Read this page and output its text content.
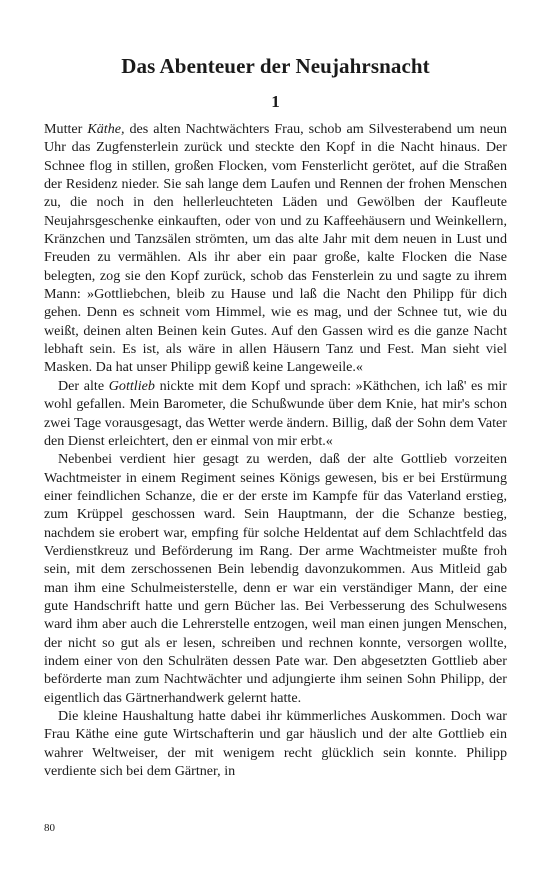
Das Abenteuer der Neujahrsnacht
1

Mutter Käthe, des alten Nachtwächters Frau, schob am Silvesterabend um neun Uhr das Zugfensterlein zurück und steckte den Kopf in die Nacht hinaus. Der Schnee flog in stillen, großen Flocken, vom Fensterlicht gerötet, auf die Straßen der Residenz nieder. Sie sah lange dem Laufen und Rennen der frohen Menschen zu, die noch in den hellerleuchteten Läden und Gewölben der Kaufleute Neujahrsgeschenke einkauften, oder von und zu Kaffeehäusern und Weinkellern, Kränzchen und Tanzsälen strömten, um das alte Jahr mit dem neuen in Lust und Freuden zu vermählen. Als ihr aber ein paar große, kalte Flocken die Nase belegten, zog sie den Kopf zurück, schob das Fensterlein zu und sagte zu ihrem Mann: »Gottliebchen, bleib zu Hause und laß die Nacht den Philipp für dich gehen. Denn es schneit vom Himmel, wie es mag, und der Schnee tut, wie du weißt, deinen alten Beinen kein Gutes. Auf den Gassen wird es die ganze Nacht lebhaft sein. Es ist, als wäre in allen Häusern Tanz und Fest. Man sieht viel Masken. Da hat unser Philipp gewiß keine Langeweile.«

Der alte Gottlieb nickte mit dem Kopf und sprach: »Käthchen, ich laß' es mir wohl gefallen. Mein Barometer, die Schußwunde über dem Knie, hat mir's schon zwei Tage vorausgesagt, das Wetter werde ändern. Billig, daß der Sohn dem Vater den Dienst erleichtert, den er einmal von mir erbt.«

Nebenbei verdient hier gesagt zu werden, daß der alte Gottlieb vorzeiten Wachtmeister in einem Regiment seines Königs gewesen, bis er bei Erstürmung einer feindlichen Schanze, die er der erste im Kampfe für das Vaterland erstieg, zum Krüppel geschossen ward. Sein Hauptmann, der die Schanze bestieg, nachdem sie erobert war, empfing für solche Heldentat auf dem Schlachtfeld das Verdienstkreuz und Beförderung im Rang. Der arme Wachtmeister mußte froh sein, mit dem zerschossenen Bein lebendig davonzukommen. Aus Mitleid gab man ihm eine Schulmeisterstelle, denn er war ein verständiger Mann, der eine gute Handschrift hatte und gern Bücher las. Bei Verbesserung des Schulwesens ward ihm aber auch die Lehrerstelle entzogen, weil man einen jungen Menschen, der nicht so gut als er lesen, schreiben und rechnen konnte, versorgen wollte, indem einer von den Schulräten dessen Pate war. Den abgesetzten Gottlieb aber beförderte man zum Nachtwächter und adjungierte ihm seinen Sohn Philipp, der eigentlich das Gärtnerhandwerk gelernt hatte.

Die kleine Haushaltung hatte dabei ihr kümmerliches Auskommen. Doch war Frau Käthe eine gute Wirtschafterin und gar häuslich und der alte Gottlieb ein wahrer Weltweiser, der mit wenigem recht glücklich sein konnte. Philipp verdiente sich bei dem Gärtner, in

80
